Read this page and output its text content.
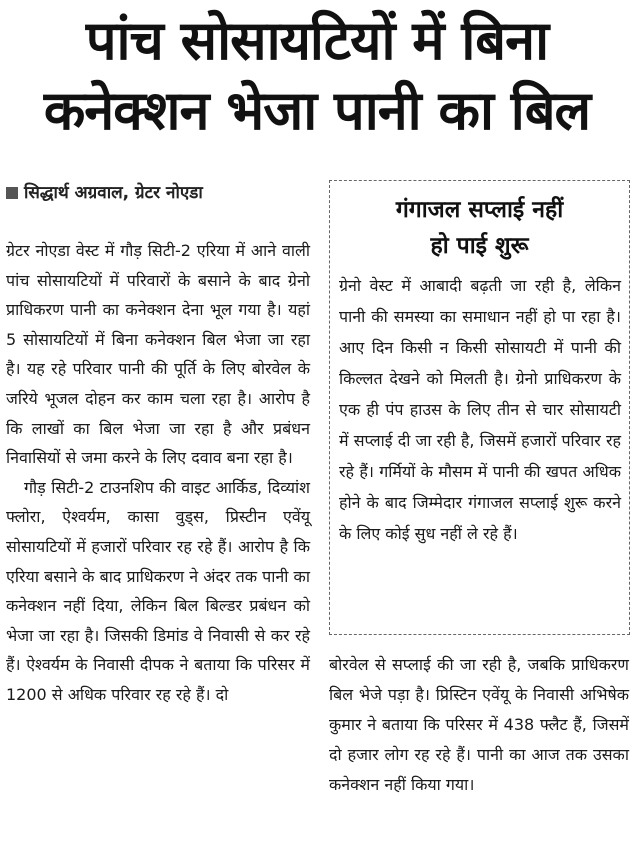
पांच सोसायटियों में बिना
कनेक्शन भेजा पानी का बिल
सिद्धार्थ अग्रवाल, ग्रेटर नोएडा

ग्रेटर नोएडा वेस्ट में गौड़ सिटी-2 एरिया में आने वाली पांच सोसायटियों में परिवारों के बसाने के बाद ग्रेनो प्राधिकरण पानी का कनेक्शन देना भूल गया है। यहां 5 सोसायटियों में बिना कनेक्शन बिल भेजा जा रहा है। यह रहे परिवार पानी की पूर्ति के लिए बोरवेल के जरिये भूजल दोहन कर काम चला रहा है। आरोप है कि लाखों का बिल भेजा जा रहा है और प्रबंधन निवासियों से जमा करने के लिए दवाव बना रहा है।

गौड़ सिटी-2 टाउनशिप की वाइट आर्किड, दिव्यांश फ्लोरा, ऐश्वर्यम, कासा वुड्स, प्रिस्टीन एवेंयू सोसायटियों में हजारों परिवार रह रहे हैं। आरोप है कि एरिया बसाने के बाद प्राधिकरण ने अंदर तक पानी का कनेक्शन नहीं दिया, लेकिन बिल बिल्डर प्रबंधन को भेजा जा रहा है। जिसकी डिमांड वे निवासी से कर रहे हैं। ऐश्वर्यम के निवासी दीपक ने बताया कि परिसर में 1200 से अधिक परिवार रह रहे हैं। दो

गंगाजल सप्लाई नहीं
हो पाई शुरू

ग्रेनो वेस्ट में आबादी बढ़ती जा रही है, लेकिन पानी की समस्या का समाधान नहीं हो पा रहा है। आए दिन किसी न किसी सोसायटी में पानी की किल्लत देखने को मिलती है। ग्रेनो प्राधिकरण के एक ही पंप हाउस के लिए तीन से चार सोसायटी में सप्लाई दी जा रही है, जिसमें हजारों परिवार रह रहे हैं। गर्मियों के मौसम में पानी की खपत अधिक होने के बाद जिम्मेदार गंगाजल सप्लाई शुरू करने के लिए कोई सुध नहीं ले रहे हैं।

बोरवेल से सप्लाई की जा रही है, जबकि प्राधिकरण बिल भेजे पड़ा है। प्रिस्टिन एवेंयू के निवासी अभिषेक कुमार ने बताया कि परिसर में 438 फ्लैट हैं, जिसमें दो हजार लोग रह रहे हैं। पानी का आज तक उसका कनेक्शन नहीं किया गया।
